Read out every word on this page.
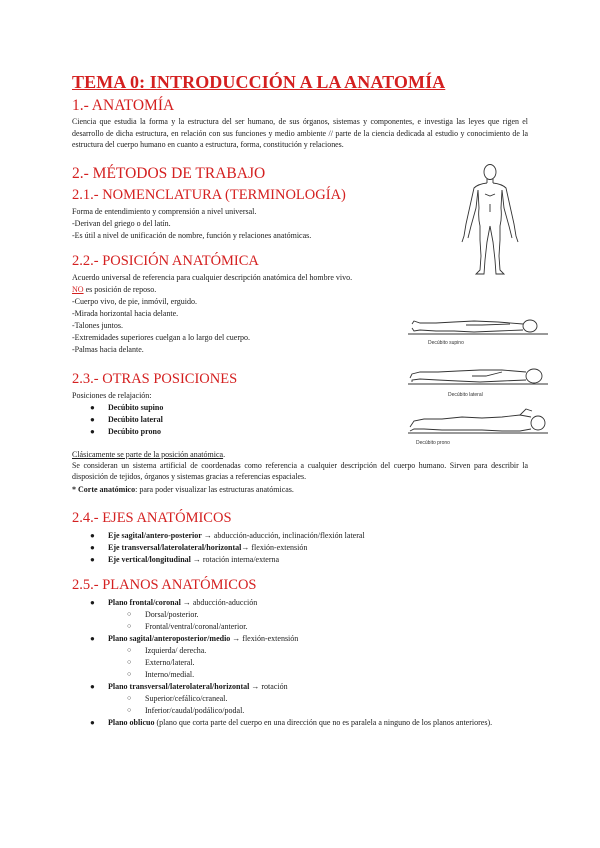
TEMA 0: INTRODUCCIÓN A LA ANATOMÍA
1.- ANATOMÍA
Ciencia que estudia la forma y la estructura del ser humano, de sus órganos, sistemas y componentes, e investiga las leyes que rigen el desarrollo de dicha estructura, en relación con sus funciones y medio ambiente // parte de la ciencia dedicada al estudio y conocimiento de la estructura del cuerpo humano en cuanto a estructura, forma, constitución y relaciones.
2.- MÉTODOS DE TRABAJO
2.1.- NOMENCLATURA (TERMINOLOGÍA)
Forma de entendimiento y comprensión a nivel universal.
-Derivan del griego o del latín.
-Es útil a nivel de unificación de nombre, función y relaciones anatómicas.
2.2.- POSICIÓN ANATÓMICA
Acuerdo universal de referencia para cualquier descripción anatómica del hombre vivo.
NO es posición de reposo.
-Cuerpo vivo, de pie, inmóvil, erguido.
-Mirada horizontal hacia delante.
-Talones juntos.
-Extremidades superiores cuelgan a lo largo del cuerpo.
-Palmas hacia delante.
2.3.- OTRAS POSICIONES
Posiciones de relajación:
● Decúbito supino
● Decúbito lateral
● Decúbito prono
Clásicamente se parte de la posición anatómica.
Se consideran un sistema artificial de coordenadas como referencia a cualquier descripción del cuerpo humano. Sirven para describir la disposición de tejidos, órganos y sistemas gracias a referencias espaciales.
* Corte anatómico: para poder visualizar las estructuras anatómicas.
2.4.- EJES ANATÓMICOS
● Eje sagital/antero-posterior → abducción-aducción, inclinación/flexión lateral
● Eje transversal/laterolateral/horizontal→ flexión-extensión
● Eje vertical/longitudinal → rotación interna/externa
2.5.- PLANOS ANATÓMICOS
● Plano frontal/coronal → abducción-aducción
○ Dorsal/posterior.
○ Frontal/ventral/coronal/anterior.
● Plano sagital/anteroposterior/medio → flexión-extensión
○ Izquierda/ derecha.
○ Externo/lateral.
○ Interno/medial.
● Plano transversal/laterolateral/horizontal → rotación
○ Superior/cefálico/craneal.
○ Inferior/caudal/podálico/podal.
● Plano oblicuo (plano que corta parte del cuerpo en una dirección que no es paralela a ninguno de los planos anteriores).
Decúbito supino
Decúbito lateral
Decúbito prono
